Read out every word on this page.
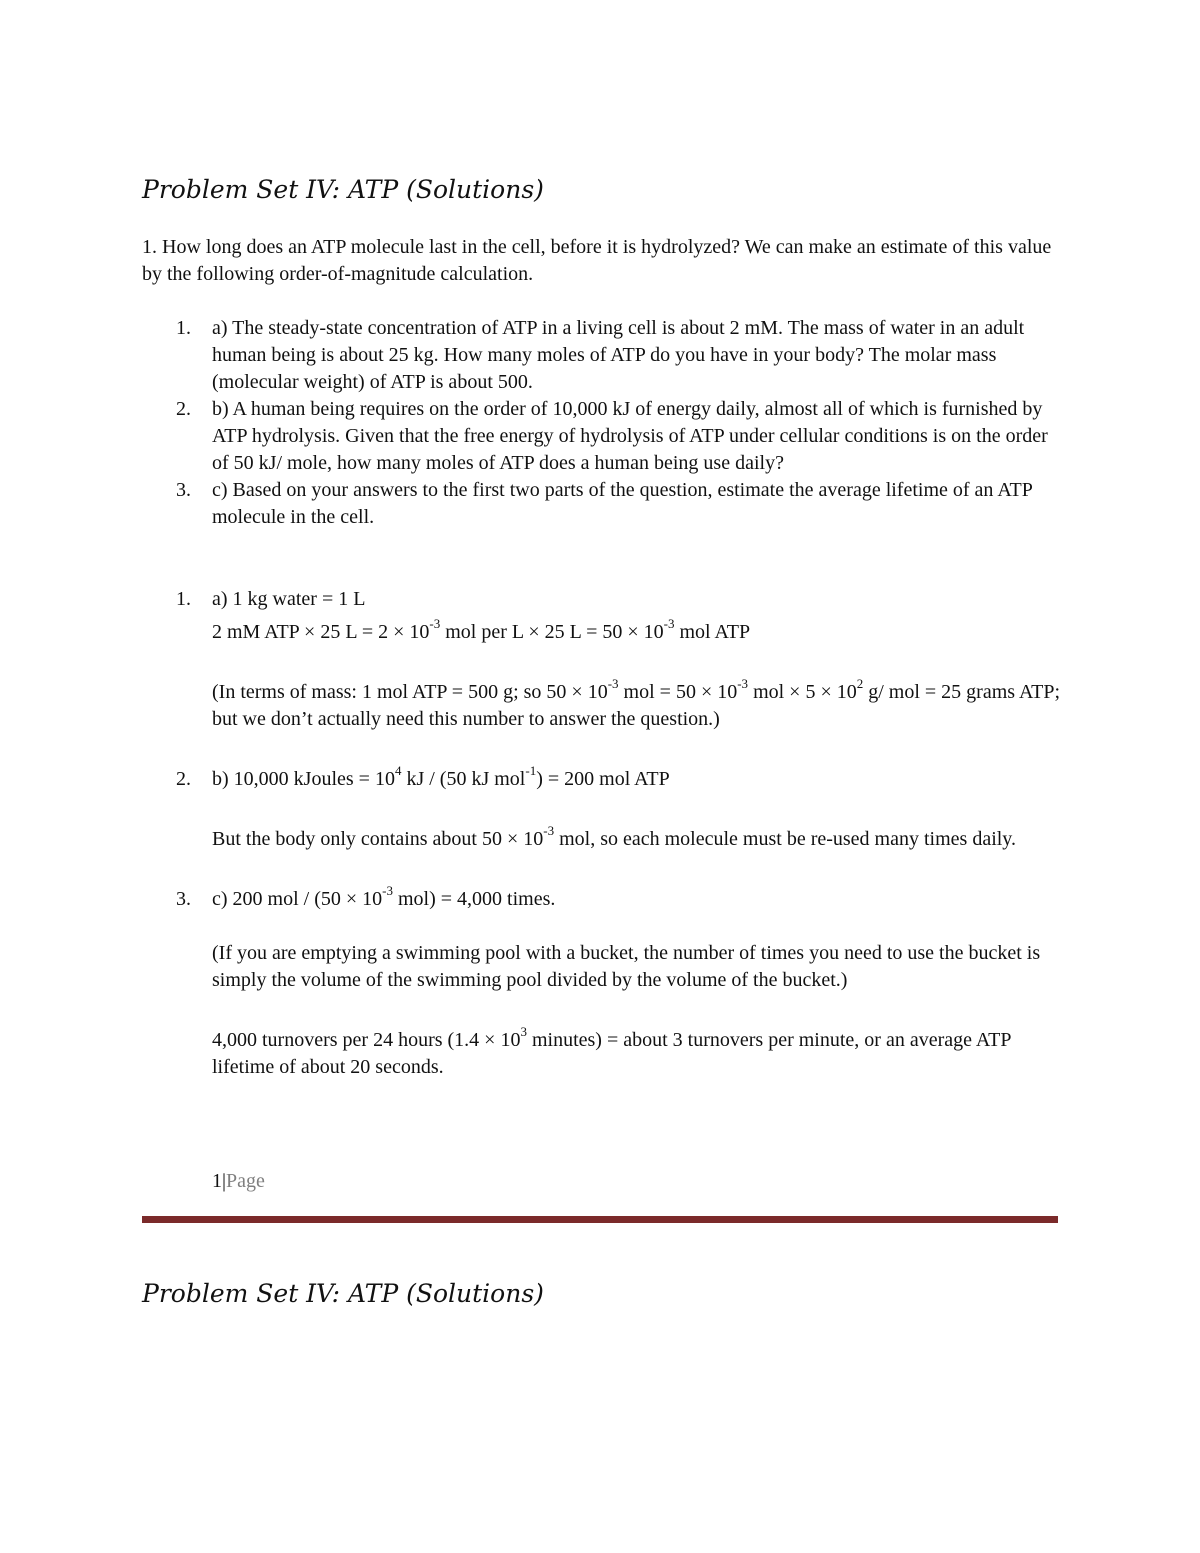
Problem Set IV: ATP (Solutions)
1. How long does an ATP molecule last in the cell, before it is hydrolyzed? We can make an estimate of this value by the following order-of-magnitude calculation.
1. a) The steady-state concentration of ATP in a living cell is about 2 mM. The mass of water in an adult human being is about 25 kg. How many moles of ATP do you have in your body? The molar mass (molecular weight) of ATP is about 500.
2. b) A human being requires on the order of 10,000 kJ of energy daily, almost all of which is furnished by ATP hydrolysis. Given that the free energy of hydrolysis of ATP under cellular conditions is on the order of 50 kJ/ mole, how many moles of ATP does a human being use daily?
3. c) Based on your answers to the first two parts of the question, estimate the average lifetime of an ATP molecule in the cell.
1. a) 1 kg water = 1 L
2 mM ATP × 25 $L = 2 \times 10^{-3}$ mol per L × 25 $L = 50 \times 10^{-3}$ mol ATP
(In terms of mass: 1 mol ATP = 500 g; so $50 \times 10^{-3}$ mol = $50 \times 10^{-3}$ mol × $5 \times 10^2$ g/ mol = 25 grams ATP; but we don’t actually need this number to answer the question.)
2. b) 10,000 kJoules = $10^4$ kJ / (50 kJ mol$^{-1}$) = 200 mol ATP
But the body only contains about $50 \times 10^{-3}$ mol, so each molecule must be re-used many times daily.
3. c) 200 mol / ($50 \times 10^{-3}$ mol) = 4,000 times.
(If you are emptying a swimming pool with a bucket, the number of times you need to use the bucket is simply the volume of the swimming pool divided by the volume of the bucket.)
4,000 turnovers per 24 hours ($1.4 \times 10^3$ minutes) = about 3 turnovers per minute, or an average ATP lifetime of about 20 seconds.
1|Page
Problem Set IV: ATP (Solutions)
